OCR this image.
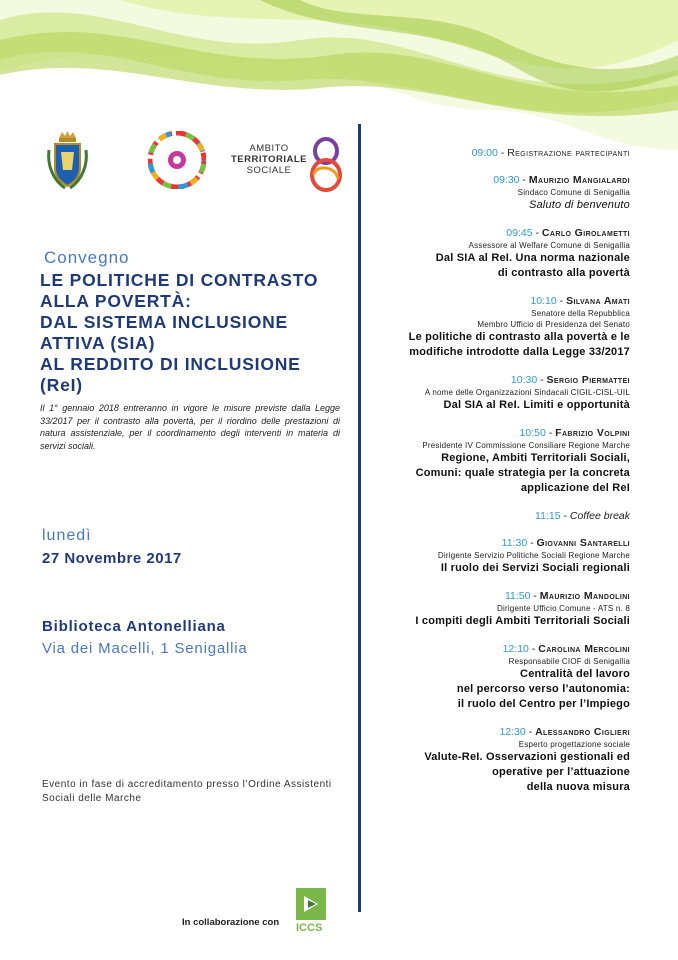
AMBITO
TERRITORIALE
SOCIALE
Convegno
LE POLITICHE DI CONTRASTO
ALLA POVERTÀ:
DAL SISTEMA INCLUSIONE
ATTIVA (SIA)
AL REDDITO DI INCLUSIONE
(ReI)
Il 1° gennaio 2018 entreranno in vigore le misure previste dalla Legge 33/2017 per il contrasto alla povertà, per il riordino delle prestazioni di natura assistenziale, per il coordinamento degli interventi in materia di servizi sociali.
lunedì
27 Novembre 2017
Biblioteca Antonelliana
Via dei Macelli, 1 Senigallia
Evento in fase di accreditamento presso l’Ordine Assistenti Sociali delle Marche
In collaborazione con ICCS
09:00 - Registrazione partecipanti
09:30 - Maurizio Mangialardi
Sindaco Comune di Senigallia
Saluto di benvenuto
09:45 - Carlo Girolametti
Assessore al Welfare Comune di Senigallia
Dal SIA al ReI. Una norma nazionale
di contrasto alla povertà
10:10 - Silvana Amati
Senatore della Repubblica
Membro Ufficio di Presidenza del Senato
Le politiche di contrasto alla povertà e le
modifiche introdotte dalla Legge 33/2017
10:30 - Sergio Piermattei
A nome delle Organizzazioni Sindacali CIGIL-CISL-UIL
Dal SIA al ReI. Limiti e opportunità
10:50 - Fabrizio Volpini
Presidente IV Commissione Consiliare Regione Marche
Regione, Ambiti Territoriali Sociali,
Comuni: quale strategia per la concreta
applicazione del ReI
11:15 - Coffee break
11:30 - Giovanni Santarelli
Dirigente Servizio Politiche Sociali Regione Marche
Il ruolo dei Servizi Sociali regionali
11:50 - Maurizio Mandolini
Dirigente Ufficio Comune - ATS n. 8
I compiti degli Ambiti Territoriali Sociali
12:10 - Carolina Mercolini
Responsabile CIOF di Senigallia
Centralità del lavoro
nel percorso verso l’autonomia:
il ruolo del Centro per l’Impiego
12:30 - Alessandro Ciglieri
Esperto progettazione sociale
Valute-ReI. Osservazioni gestionali ed
operative per l’attuazione
della nuova misura
